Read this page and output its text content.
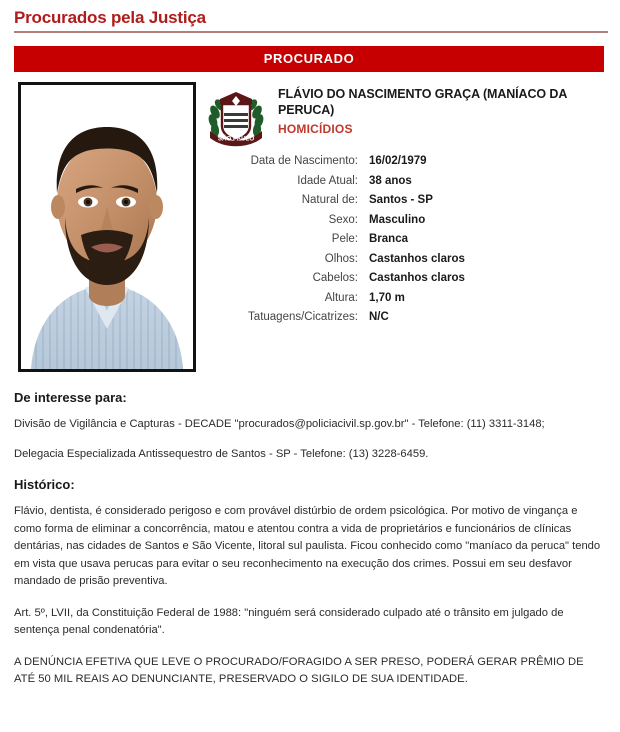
Procurados pela Justiça
PROCURADO
SÃO PAULO
FLÁVIO DO NASCIMENTO GRAÇA (MANÍACO DA PERUCA)
HOMICÍDIOS
Data de Nascimento: 16/02/1979
Idade Atual: 38 anos
Natural de: Santos - SP
Sexo: Masculino
Pele: Branca
Olhos: Castanhos claros
Cabelos: Castanhos claros
Altura: 1,70 m
Tatuagens/Cicatrizes: N/C
De interesse para:

Divisão de Vigilância e Capturas - DECADE "procurados@policiacivil.sp.gov.br" - Telefone: (11) 3311-3148;

Delegacia Especializada Antissequestro de Santos - SP - Telefone: (13) 3228-6459.

Histórico:

Flávio, dentista, é considerado perigoso e com provável distúrbio de ordem psicológica. Por motivo de vingança e como forma de eliminar a concorrência, matou e atentou contra a vida de proprietários e funcionários de clínicas dentárias, nas cidades de Santos e São Vicente, litoral sul paulista. Ficou conhecido como "maníaco da peruca" tendo em vista que usava perucas para evitar o seu reconhecimento na execução dos crimes. Possui em seu desfavor mandado de prisão preventiva.

Art. 5º, LVII, da Constituição Federal de 1988: "ninguém será considerado culpado até o trânsito em julgado de sentença penal condenatória".

A DENÚNCIA EFETIVA QUE LEVE O PROCURADO/FORAGIDO A SER PRESO, PODERÁ GERAR PRÊMIO DE ATÉ 50 MIL REAIS AO DENUNCIANTE, PRESERVADO O SIGILO DE SUA IDENTIDADE.
